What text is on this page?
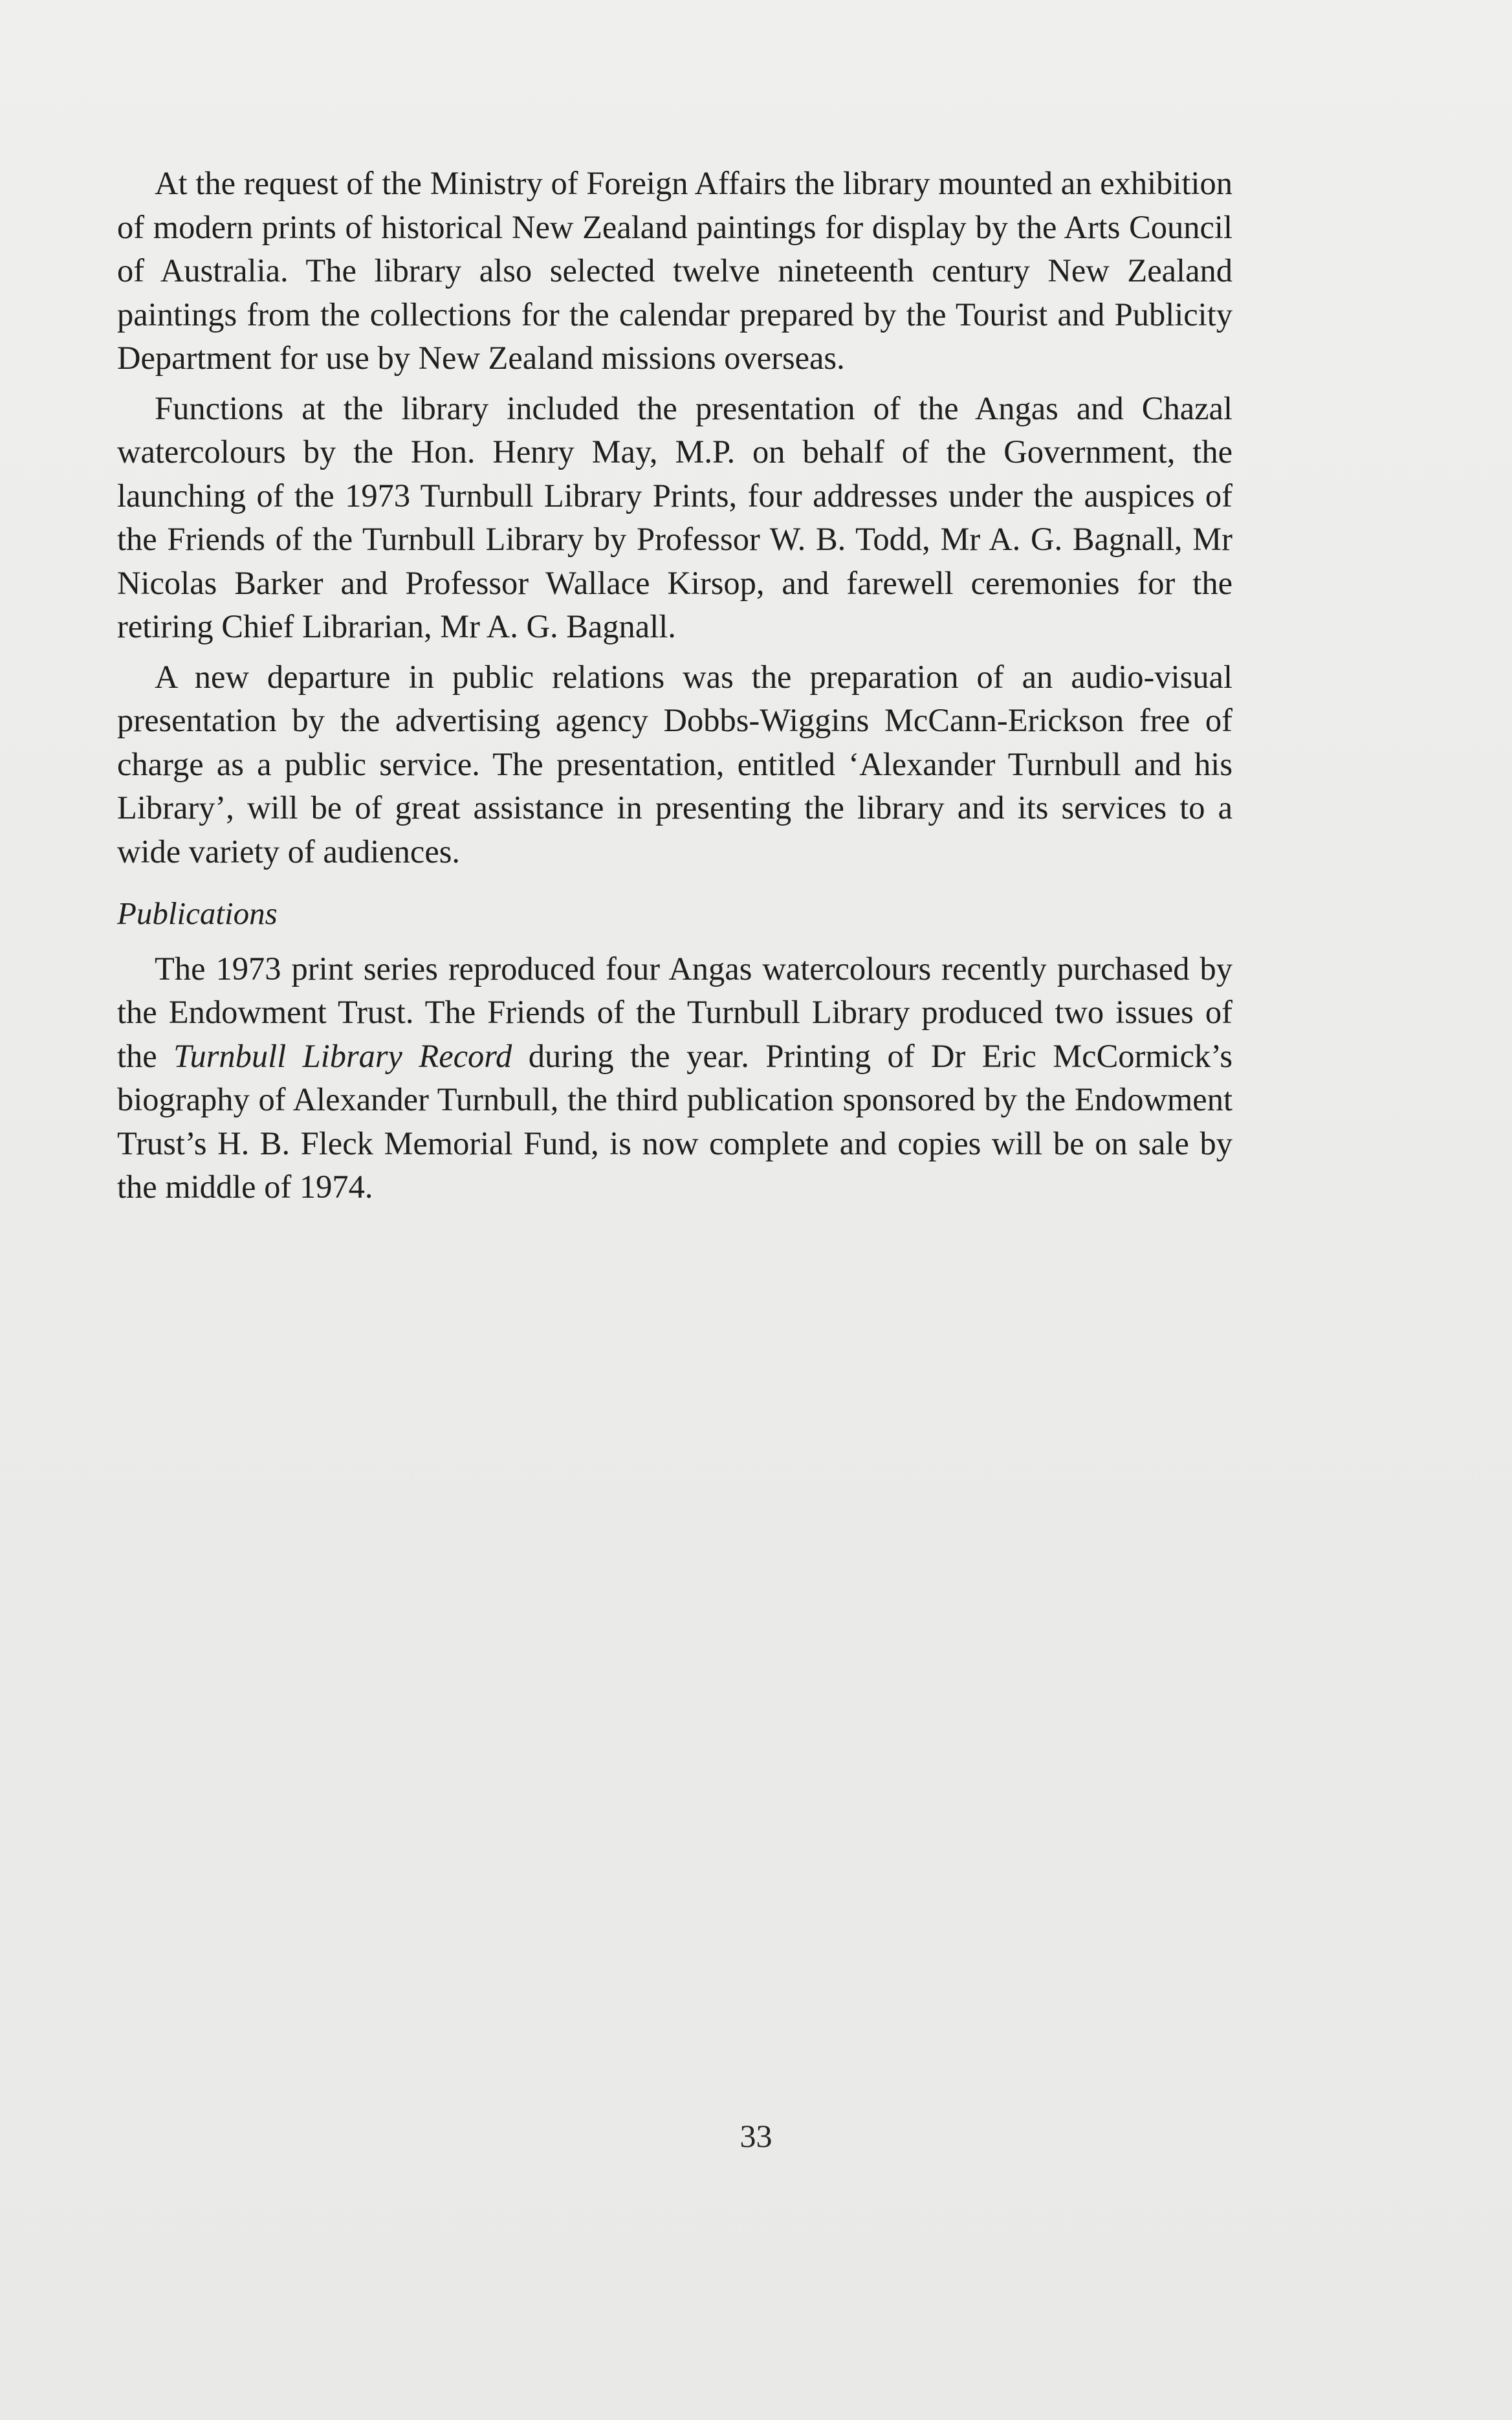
At the request of the Ministry of Foreign Affairs the library mounted an exhibition of modern prints of historical New Zealand paintings for display by the Arts Council of Australia. The library also selected twelve nineteenth century New Zealand paintings from the collections for the calendar prepared by the Tourist and Publicity Department for use by New Zealand missions overseas.

Functions at the library included the presentation of the Angas and Chazal watercolours by the Hon. Henry May, M.P. on behalf of the Government, the launching of the 1973 Turnbull Library Prints, four addresses under the auspices of the Friends of the Turnbull Library by Professor W. B. Todd, Mr A. G. Bagnall, Mr Nicolas Barker and Professor Wallace Kirsop, and farewell ceremonies for the retiring Chief Librarian, Mr A. G. Bagnall.

A new departure in public relations was the preparation of an audio-visual presentation by the advertising agency Dobbs-Wiggins McCann-Erickson free of charge as a public service. The presentation, entitled ‘Alexander Turnbull and his Library’, will be of great assistance in presenting the library and its services to a wide variety of audiences.

Publications

The 1973 print series reproduced four Angas watercolours recently purchased by the Endowment Trust. The Friends of the Turnbull Library produced two issues of the Turnbull Library Record during the year. Printing of Dr Eric McCormick’s biography of Alexander Turnbull, the third publication sponsored by the Endowment Trust’s H. B. Fleck Memorial Fund, is now complete and copies will be on sale by the middle of 1974.

33
